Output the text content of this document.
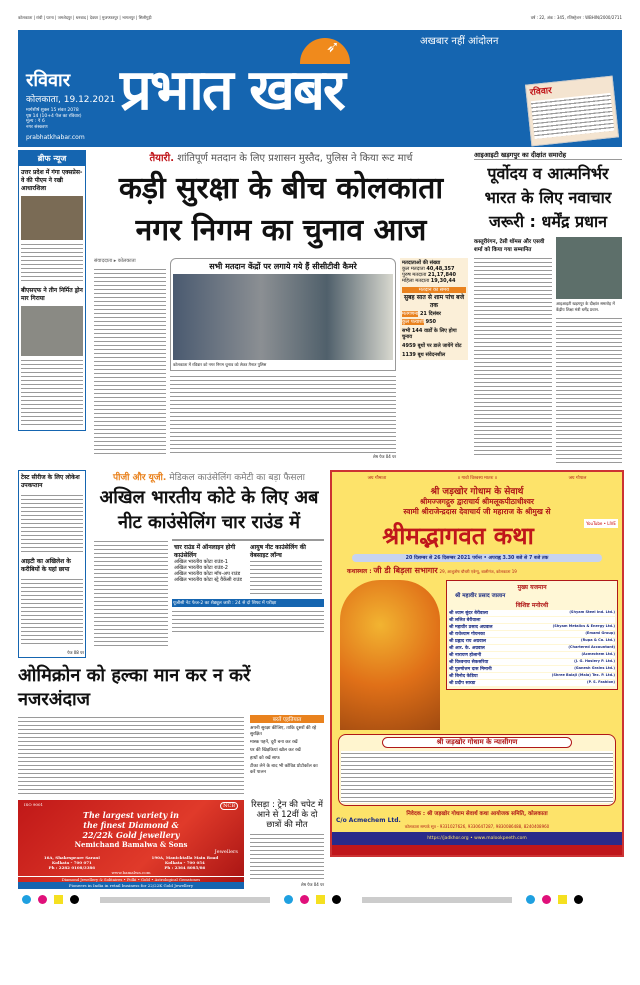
कोलकाता | रांची | पटना | जमशेदपुर | धनबाद | देवघर | मुजफ्फरपुर | भागलपुर | सिलीगुड़ी	वर्ष : 22, अंक : 345, रजिस्ट्रेशन : WBHIN/2000/2711
➶
प्रभात खबर
अखबार नहीं आंदोलन
रविवार
कोलकाता, 19.12.2021
मार्गशीर्ष शुक्ल 15 संवत 2078
पृष्ठ 14 (10+4 पेज का रविवार)
मूल्य : ₹ 6
नगर संस्करण
prabhatkhabar.com
रविवार
ब्रीफ न्यूज
उत्तर प्रदेश में गंगा एक्सप्रेस-वे की पीएम ने रखी आधारशिला
बीएसएफ ने तीन निर्मित ड्रोन मार गिराया
तैयारी. शांतिपूर्ण मतदान के लिए प्रशासन मुस्तैद, पुलिस ने किया रूट मार्च
कड़ी सुरक्षा के बीच कोलकाता
नगर निगम का चुनाव आज
संवाददाता ▸ कोलकाता
सभी मतदान केंद्रों पर लगाये गये हैं सीसीटीवी कैमरे
कोलकाता में रविवार को नगर निगम चुनाव को लेकर तैनात पुलिस
शेष पेज 04 पर
मतदाताओं की संख्या
कुल मतदाता 40,48,357
पुरुष मतदाता 21,17,840
महिला मतदाता 19,30,44
मतदान का समय
सुबह सात से शाम पांच बजे तक
मतगणना 21 दिसंबर
कुल पत्याशी 950
सभी 144 वार्डों के लिए होगा चुनाव
4959 बूथों पर डाले जायेंगे वोट
1139 बूथ संवेदनशील
आइआइटी खड़गपुर का दीक्षांत समारोह
पूर्वोदय व आत्मनिर्भर भारत के लिए नवाचार जरूरी : धर्मेंद्र प्रधान
कस्तूरीरंगन, टेसी थॉमस और एसवी शर्मा को किया गया सम्मानित
आइआइटी खड़गपुर के दीक्षांत समारोह में केंद्रीय शिक्षा मंत्री धर्मेंद्र प्रधान.
टेस्ट सीरीज के लिए लोकेश उपकप्तान
आइटी का अखिलेश के करीबियों के यहां छापा
पेज 08 पर
पीजी और यूजी. मेडिकल काउंसेलिंग कमेटी का बड़ा फैसला
अखिल भारतीय कोटे के लिए अब नीट काउंसेलिंग चार राउंड में
चार राउंड में ऑनलाइन होगी काउंसेलिंग
अखिल भारतीय कोटा राउंड-1
अखिल भारतीय कोटा राउंड-2
अखिल भारतीय कोटा मॉप-अप राउंड
अखिल भारतीय कोटा स्ट्रे वैकेंसी राउंड
आयुष नीट काउंसेलिंग की वेबसाइट लॉन्च
यूजीसी नेट फेज-2 का शेड्यूल जारी : 24 से दो शिफ्ट में परीक्षा
ओमिक्रोन को हल्का मान कर न करें नजरअंदाज
बरतें एहतियात
अपनी सुरक्षा कीजिए, ताकि दूसरों की रहे सुरक्षित
मास्क पहनें, दूरी बना कर रखें
घर की खिड़कियां खोल कर रखें
हाथों को रखें साफ
टीका लेने के बाद भी कोविड प्रोटोकॉल का करें पालन
ISO 9001	NCB
The largest variety in
the finest Diamond &
22/22k Gold jewellery
Nemichand Bamalwa & Sons
Jewellers
16A, Shakespeare Sarani
Kolkata - 700 071
Ph : 2282 0108/3386
190A, Manicktalla Main Road
Kolkata - 700 054
Ph : 2364 8085/86
www.bamalwa.com
Diamond Jewellery & Solitaires • Polki • Gold • Astrological Gemstones
Pioneers in India in retail business for 22/22K Gold Jewellery
रिसड़ा : ट्रेन की चपेट में आने से 12वीं के दो छात्रों की मौत
शेष पेज 04 पर
जय गौमाता	॥ गावो विश्वस्य मातरः ॥	जय गोपाल
श्री जड़खोर गोधाम के सेवार्थ
श्रीमज्जगद्गुरु द्वाराचार्य श्रीमलूकपीठाधीश्वर
स्वामी श्रीराजेन्द्रदास देवाचार्य जी महाराज के श्रीमुख से
श्रीमद्भागवत कथा	YouTube • LIVE
20 दिसम्बर से 26 दिसम्बर 2021 पर्यन्त • अपराह्न 3.30 बजे से 7 बजे तक
कथास्थल : जी डी बिड़ला सभागार 29, आशुतोष चौधरी एवेन्यू, बालीगंज, कोलकाता 19
मुख्य यजमान
श्री महावीर प्रसाद जालान
विशिष्ट मनोरथी
श्री श्याम सुंदर बेरीवाला	(Shyam Steel Ind. Ltd.)
श्री ललित बेरीवाला
श्री महावीर प्रसाद अग्रवाल	(Shyam Metalics & Energy Ltd.)
श्री राधेश्याम गोयनका	(Emami Group)
श्री प्रह्लाद राय अग्रवाल	(Rupa & Co. Ltd.)
श्री आर. के. अग्रवाल	(Chartered Accountant)
श्री नारायण होलानी	(Acmechem Ltd.)
श्री विश्वनाथ सेकसरिया	(J. G. Hosiery P. Ltd.)
श्री पुरुषोत्तम दास मिमानी	(Ganesh Grains Ltd.)
श्री बिनोद केडिया	(Shree Balaji (Mala) Tex. P. Ltd.)
श्री प्रदीप सारडा	(P. S. Fashion)
श्री जड़खोर गोधाम के न्यासीगण
निवेदक : श्री जड़खोर गोधाम सेवार्थ कथा आयोजक समिति, कोलकाता
C/o Acmechem Ltd.
कोलकाता सम्पर्क सूत्र - 9331027626, 9330647287, 9830086488, 8240408960
https://jadkhor.org • www.malookpeeth.com
